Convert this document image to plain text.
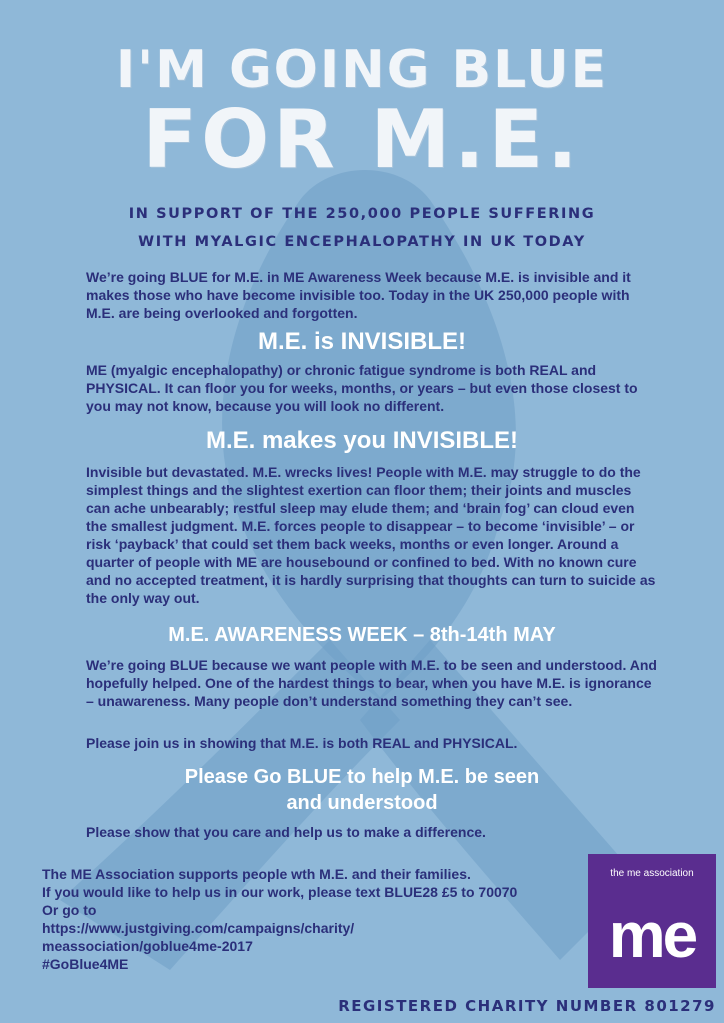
I'M GOING BLUE
FOR M.E.

IN SUPPORT OF THE 250,000 PEOPLE SUFFERING

WITH MYALGIC ENCEPHALOPATHY IN UK TODAY

We’re going BLUE for M.E. in ME Awareness Week because M.E. is invisible and it makes those who have become invisible too. Today in the UK 250,000 people with M.E. are being overlooked and forgotten.

M.E. is INVISIBLE!

ME (myalgic encephalopathy) or chronic fatigue syndrome is both REAL and PHYSICAL. It can floor you for weeks, months, or years – but even those closest to you may not know, because you will look no different.

M.E. makes you INVISIBLE!

Invisible but devastated. M.E. wrecks lives! People with M.E. may struggle to do the simplest things and the slightest exertion can floor them; their joints and muscles can ache unbearably; restful sleep may elude them; and ‘brain fog’ can cloud even the smallest judgment. M.E. forces people to disappear – to become ‘invisible’ – or risk ‘payback’ that could set them back weeks, months or even longer. Around a quarter of people with ME are housebound or confined to bed. With no known cure and no accepted treatment, it is hardly surprising that thoughts can turn to suicide as the only way out.

M.E. AWARENESS WEEK – 8th-14th MAY

We’re going BLUE because we want people with M.E. to be seen and understood. And hopefully helped. One of the hardest things to bear, when you have M.E. is ignorance – unawareness. Many people don’t understand something they can’t see.

Please join us in showing that M.E. is both REAL and PHYSICAL.

Please Go BLUE to help M.E. be seen
and understood

Please show that you care and help us to make a difference.

The ME Association supports people wth M.E. and their families.
If you would like to help us in our work, please text BLUE28 £5 to 70070
Or go to
https://www.justgiving.com/campaigns/charity/
meassociation/goblue4me-2017
#GoBlue4ME
the me association
me

REGISTERED CHARITY NUMBER 801279
